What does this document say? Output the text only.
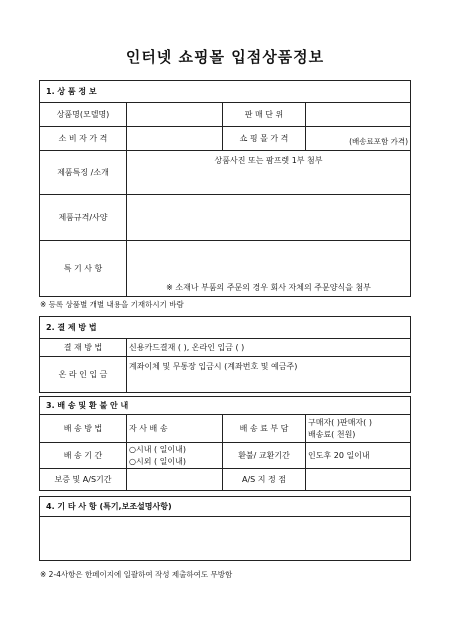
인터넷 쇼핑몰 입점상품정보
1. 상 품 정 보			
상품명(모델명)		판 매 단 위	
소 비 자 가 격		쇼 핑 몰 가 격	(배송료포함 가격)
제품특징 /소개	상품사진 또는 팜프렛 1부 첨부		
제품규격/사양			
특 기 사 항	※ 소재나 부품의 주문의 경우 회사 자체의 주문양식을 첨부		
※ 등록 상품별 개별 내용을 기재하시기 바람
2. 결 제 방 법	
결 재 방 법	신용카드결재 ( ), 온라인 입금 ( )
온 라 인 입 금	계좌이체 및 무통장 입금시 (계좌번호 및 예금주)
3. 배 송 및 환 불 안 내			
배 송 방 법	자 사 배 송	배 송 료 부 담	구매자( )판매자( )
배송료( 천원)

배 송 기 간	○시내 ( 일이내)
○시외 ( 일이내)	환불/ 교환기간	인도후 20 일이내
보증 및 A/S기간		A/S 지 정 점	
4. 기 타 사 항 (특기,보조설명사항)

※ 2-4사항은 한페이지에 일괄하여 작성 제출하여도 무방함
